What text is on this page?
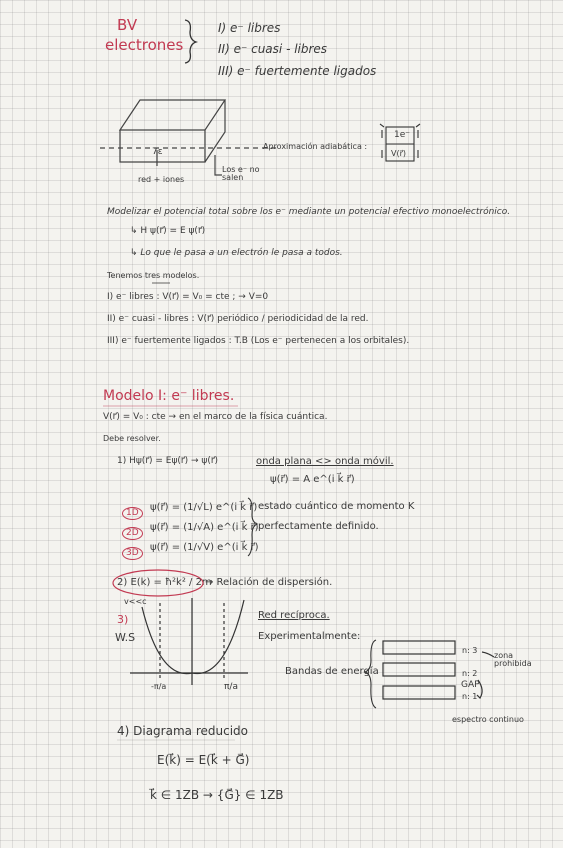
BV
electrones
I) e⁻ libres
II) e⁻ cuasi - libres
III) e⁻ fuertemente ligados
7ε
red + iones
Los e⁻ no salen
Aproximación adiabática :
1e⁻
V(r⃗)
Modelizar el potencial total sobre los e⁻ mediante un potencial efectivo monoelectrónico.
↳ H ψ(r⃗) = E ψ(r⃗)
↳ Lo que le pasa a un electrón le pasa a todos.
Tenemos tres modelos.
I) e⁻ libres : V(r⃗) = V₀ = cte ; → V=0
II) e⁻ cuasi - libres : V(r⃗) periódico / periodicidad de la red.
III) e⁻ fuertemente ligados : T.B (Los e⁻ pertenecen a los orbitales).
Modelo I: e⁻ libres.
V(r⃗) = V₀ : cte → en el marco de la física cuántica.
Debe resolver.
1) Hψ(r⃗) = Eψ(r⃗) → ψ(r⃗)	onda plana <> onda móvil.
ψ(r⃗) = A e^(i k⃗ r⃗)
1D	ψ(r⃗) = (1/√L) e^(i k⃗ r⃗)
2D	ψ(r⃗) = (1/√A) e^(i k⃗ r⃗)
3D	ψ(r⃗) = (1/√V) e^(i k⃗ r⃗)
estado cuántico de momento K
perfectamente definido.
2) E(k) = ħ²k² / 2m
→ Relación de dispersión.
v<<c
3)
W.S
-π/a	π/a
Red recíproca.
Experimentalmente:
Bandas de energía
n: 3
n: 2
n: 1
zona prohibida
GAP
espectro continuo
4) Diagrama reducido
E(k⃗) = E(k⃗ + G⃗)
k⃗ ∈ 1ZB → {G⃗} ∈ 1ZB
